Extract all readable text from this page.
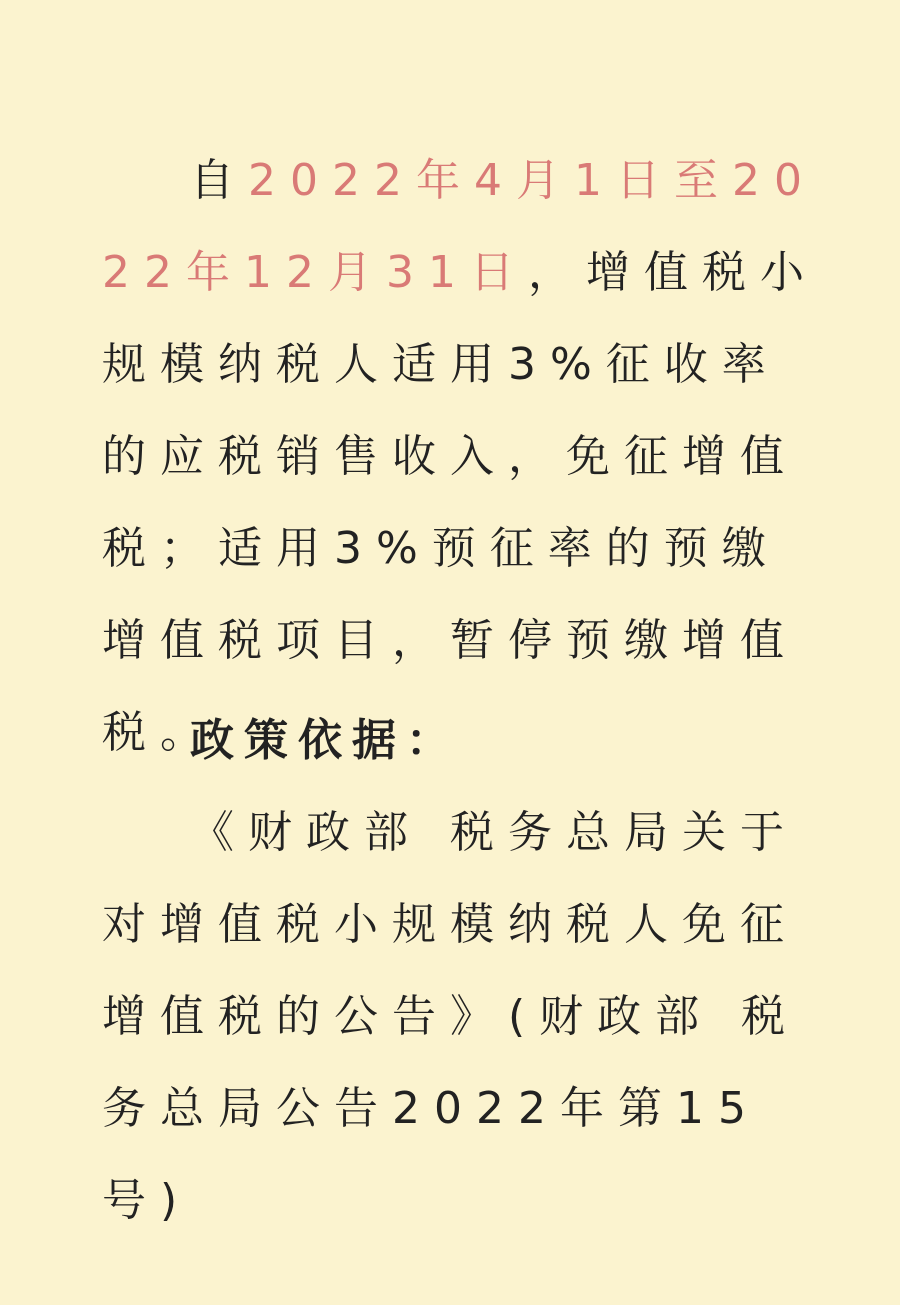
自2022年4月1日至2022年12月31日，增值税小规模纳税人适用3%征收率的应税销售收入，免征增值税；适用3%预征率的预缴增值税项目，暂停预缴增值税。

政策依据：

《财政部 税务总局关于对增值税小规模纳税人免征增值税的公告》(财政部 税务总局公告2022年第15号)
